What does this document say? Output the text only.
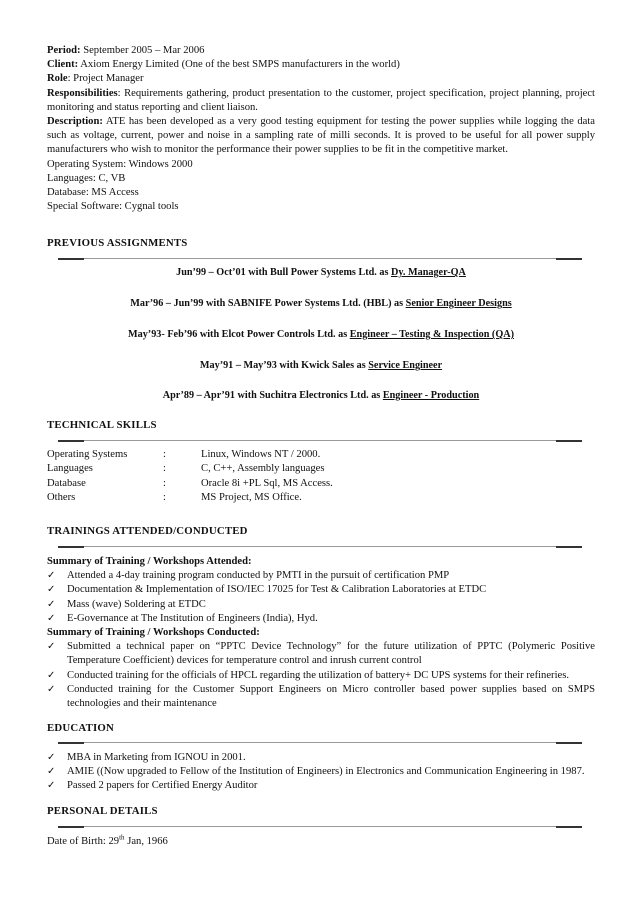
Period: September 2005 – Mar 2006
Client: Axiom Energy Limited (One of the best SMPS manufacturers in the world)
Role: Project Manager
Responsibilities: Requirements gathering, product presentation to the customer, project specification, project planning, project monitoring and status reporting and client liaison.
Description: ATE has been developed as a very good testing equipment for testing the power supplies while logging the data such as voltage, current, power and noise in a sampling rate of milli seconds. It is proved to be useful for all power supply manufacturers who wish to monitor the performance their power supplies to be fit in the competitive market.
Operating System: Windows 2000
Languages: C, VB
Database: MS Access
Special Software: Cygnal tools
PREVIOUS ASSIGNMENTS
Jun’99 – Oct’01 with Bull Power Systems Ltd. as Dy. Manager-QA
Mar’96 – Jun’99 with SABNIFE Power Systems Ltd. (HBL) as Senior Engineer Designs
May’93- Feb’96 with Elcot Power Controls Ltd. as Engineer – Testing & Inspection (QA)
May’91 – May’93 with Kwick Sales as Service Engineer
Apr’89 – Apr’91 with Suchitra Electronics Ltd. as Engineer - Production
TECHNICAL SKILLS
Operating Systems	:	Linux, Windows NT / 2000.
Languages	:	C, C++, Assembly languages
Database	:	Oracle 8i +PL Sql, MS Access.
Others	:	MS Project, MS Office.
TRAININGS ATTENDED/CONDUCTED
Summary of Training / Workshops Attended:
✓ Attended a 4-day training program conducted by PMTI in the pursuit of certification PMP
✓ Documentation & Implementation of ISO/IEC 17025 for Test & Calibration Laboratories at ETDC
✓ Mass (wave) Soldering at ETDC
✓ E-Governance at The Institution of Engineers (India), Hyd.
Summary of Training / Workshops Conducted:
✓ Submitted a technical paper on “PPTC Device Technology” for the future utilization of PPTC (Polymeric Positive Temperature Coefficient) devices for temperature control and inrush current control
✓ Conducted training for the officials of HPCL regarding the utilization of battery+ DC UPS systems for their refineries.
✓ Conducted training for the Customer Support Engineers on Micro controller based power supplies based on SMPS technologies and their maintenance
EDUCATION
✓ MBA in Marketing from IGNOU in 2001.
✓ AMIE ((Now upgraded to Fellow of the Institution of Engineers) in Electronics and Communication Engineering in 1987.
✓ Passed 2 papers for Certified Energy Auditor
PERSONAL DETAILS
Date of Birth: 29th Jan, 1966
